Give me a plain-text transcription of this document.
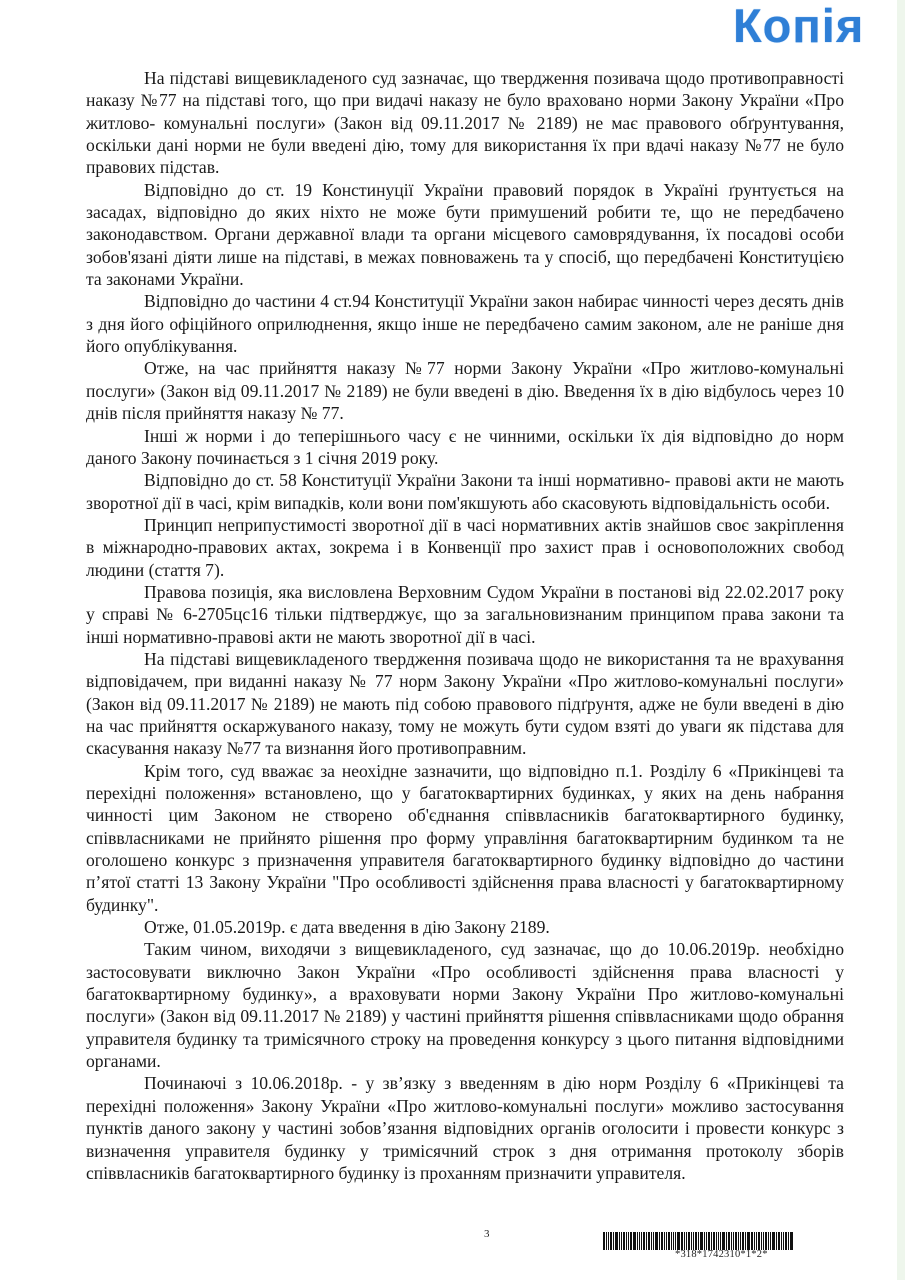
Копія

На підставі вищевикладеного суд зазначає, що твердження позивача щодо противоправності наказу №77 на підставі того, що при видачі наказу не було враховано норми Закону України «Про житлово- комунальні послуги» (Закон від 09.11.2017 № 2189) не має правового обґрунтування, оскільки дані норми не були введені дію, тому для використання їх при вдачі наказу №77 не було правових підстав.

Відповідно до ст. 19 Констинуції України правовий порядок в Україні ґрунтується на засадах, відповідно до яких ніхто не може бути примушений робити те, що не передбачено законодавством. Органи державної влади та органи місцевого самоврядування, їх посадові особи зобов'язані діяти лише на підставі, в межах повноважень та у спосіб, що передбачені Конституцією та законами України.

Відповідно до частини 4 ст.94 Конституції України закон набирає чинності через десять днів з дня його офіційного оприлюднення, якщо інше не передбачено самим законом, але не раніше дня його опублікування.

Отже, на час прийняття наказу №77 норми Закону України «Про житлово-комунальні послуги» (Закон від 09.11.2017 № 2189) не були введені в дію. Введення їх в дію відбулось через 10 днів після прийняття наказу № 77.

Інші ж норми і до теперішнього часу є не чинними, оскільки їх дія відповідно до норм даного Закону починається з 1 січня 2019 року.

Відповідно до ст. 58 Конституції України Закони та інші нормативно- правові акти не мають зворотної дії в часі, крім випадків, коли вони пом'якшують або скасовують відповідальність особи.

Принцип неприпустимості зворотної дії в часі нормативних актів знайшов своє закріплення в міжнародно-правових актах, зокрема і в Конвенції про захист прав і основоположних свобод людини (стаття 7).

Правова позиція, яка висловлена Верховним Судом України в постанові від 22.02.2017 року у справі № 6-2705цс16 тільки підтверджує, що за загальновизнаним принципом права закони та інші нормативно-правові акти не мають зворотної дії в часі.

На підставі вищевикладеного твердження позивача щодо не використання та не врахування відповідачем, при виданні наказу № 77 норм Закону України «Про житлово-комунальні послуги» (Закон від 09.11.2017 № 2189) не мають під собою правового підґрунтя, адже не були введені в дію на час прийняття оскаржуваного наказу, тому не можуть бути судом взяті до уваги як підстава для скасування наказу №77 та визнання його противоправним.

Крім того, суд вважає за неохідне зазначити, що відповідно п.1. Розділу 6 «Прикінцеві та перехідні положення» встановлено, що у багатоквартирних будинках, у яких на день набрання чинності цим Законом не створено об'єднання співвласників багатоквартирного будинку, співвласниками не прийнято рішення про форму управління багатоквартирним будинком та не оголошено конкурс з призначення управителя багатоквартирного будинку відповідно до частини п’ятої статті 13 Закону України "Про особливості здійснення права власності у багатоквартирному будинку".

Отже, 01.05.2019р. є дата введення в дію Закону 2189.

Таким чином, виходячи з вищевикладеного, суд зазначає, що до 10.06.2019р. необхідно застосовувати виключно Закон України «Про особливості здійснення права власності у багатоквартирному будинку», а враховувати норми Закону України Про житлово-комунальні послуги» (Закон від 09.11.2017 № 2189) у частині прийняття рішення співвласниками щодо обрання управителя будинку та тримісячного строку на проведення конкурсу з цього питання відповідними органами.

Починаючі з 10.06.2018р. - у зв’язку з введенням в дію норм Розділу 6 «Прикінцеві та перехідні положення» Закону України «Про житлово-комунальні послуги» можливо застосування пунктів даного закону у частині зобов’язання відповідних органів оголосити і провести конкурс з визначення управителя будинку у тримісячний строк з дня отримання протоколу зборів співвласників багатоквартирного будинку із проханням призначити управителя.

3
*318*1742310*1*2*
